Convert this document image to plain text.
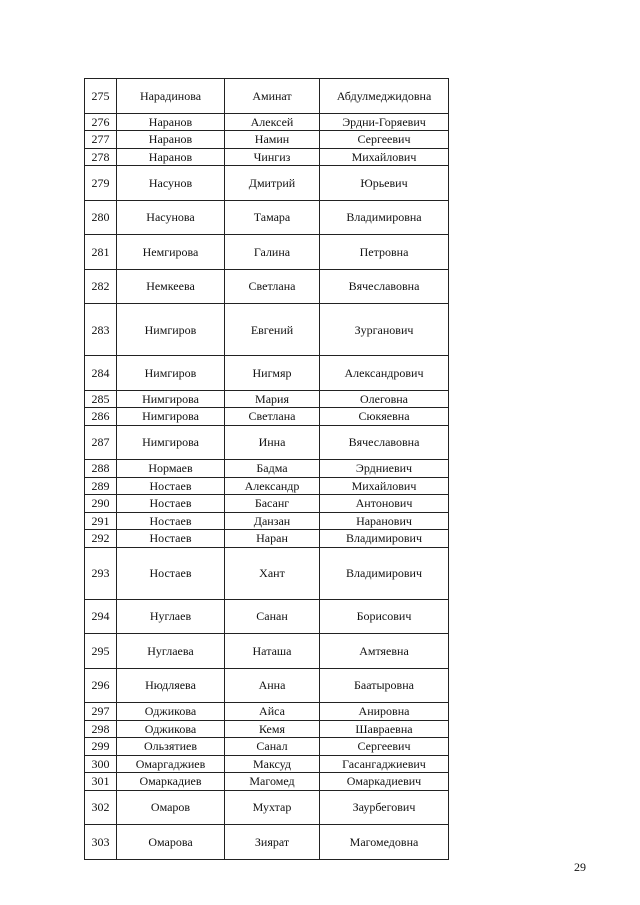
275	Нарадинова	Аминат	Абдулмеджидовна
276	Наранов	Алексей	Эрдни-Горяевич
277	Наранов	Намин	Сергеевич
278	Наранов	Чингиз	Михайлович
279	Насунов	Дмитрий	Юрьевич
280	Насунова	Тамара	Владимировна
281	Немгирова	Галина	Петровна
282	Немкеева	Светлана	Вячеславовна
283	Нимгиров	Евгений	Зурганович
284	Нимгиров	Нигмяр	Александрович
285	Нимгирова	Мария	Олеговна
286	Нимгирова	Светлана	Сюкяевна
287	Нимгирова	Инна	Вячеславовна
288	Нормаев	Бадма	Эрдниевич
289	Ностаев	Александр	Михайлович
290	Ностаев	Басанг	Антонович
291	Ностаев	Данзан	Наранович
292	Ностаев	Наран	Владимирович
293	Ностаев	Хант	Владимирович
294	Нуглаев	Санан	Борисович
295	Нуглаева	Наташа	Амтяевна
296	Нюдляева	Анна	Баатыровна
297	Оджикова	Айса	Анировна
298	Оджикова	Кемя	Шавраевна
299	Ользятиев	Санал	Сергеевич
300	Омаргаджиев	Максуд	Гасангаджиевич
301	Омаркадиев	Магомед	Омаркадиевич
302	Омаров	Мухтар	Заурбегович
303	Омарова	Зиярат	Магомедовна
29
